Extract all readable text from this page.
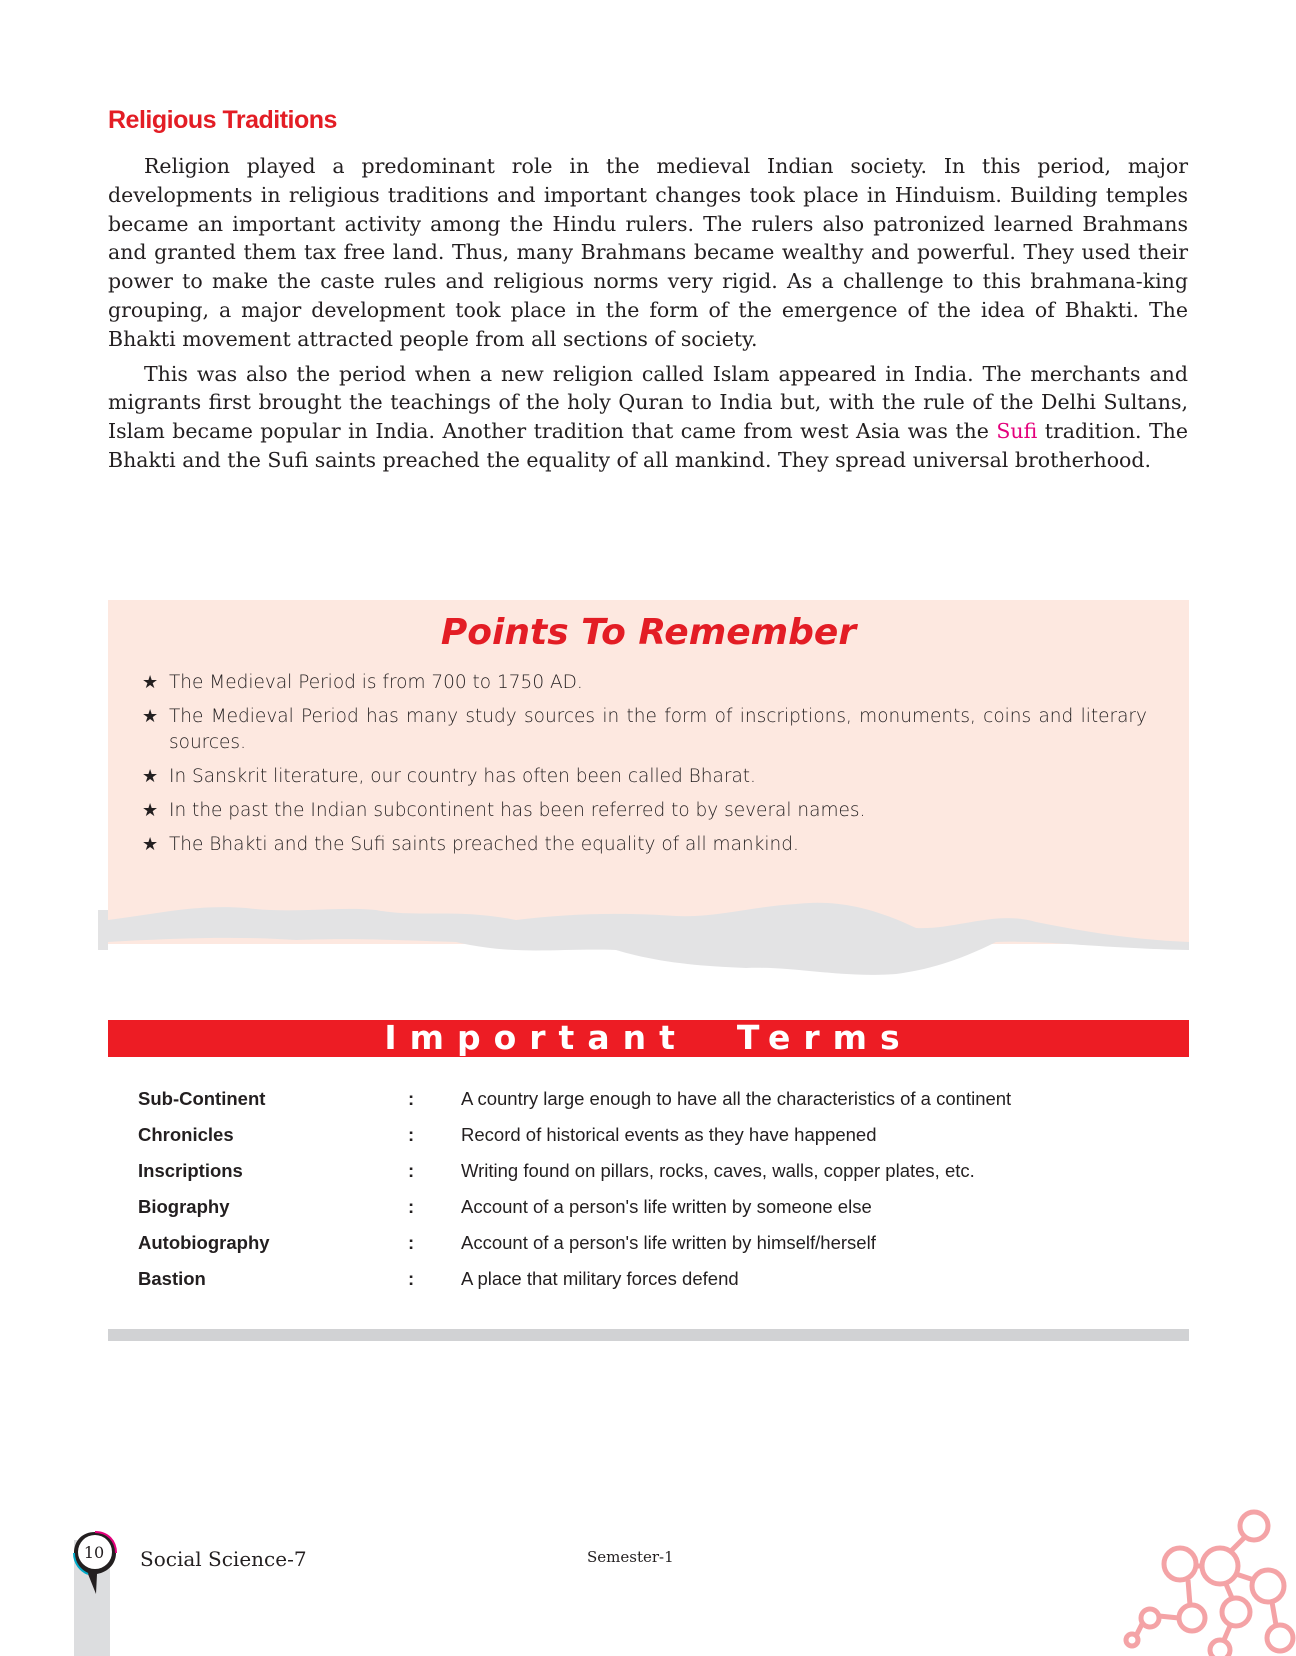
Religious Traditions

Religion played a predominant role in the medieval Indian society. In this period, major developments in religious traditions and important changes took place in Hinduism. Building temples became an important activity among the Hindu rulers. The rulers also patronized learned Brahmans and granted them tax free land. Thus, many Brahmans became wealthy and powerful. They used their power to make the caste rules and religious norms very rigid. As a challenge to this brahmana-king grouping, a major development took place in the form of the emergence of the idea of Bhakti. The Bhakti movement attracted people from all sections of society.

This was also the period when a new religion called Islam appeared in India. The merchants and migrants first brought the teachings of the holy Quran to India but, with the rule of the Delhi Sultans, Islam became popular in India. Another tradition that came from west Asia was the Sufi tradition. The Bhakti and the Sufi saints preached the equality of all mankind. They spread universal brotherhood.

Points To Remember
★ The Medieval Period is from 700 to 1750 AD.
★ The Medieval Period has many study sources in the form of inscriptions, monuments, coins and literary sources.
★ In Sanskrit literature, our country has often been called Bharat.
★ In the past the Indian subcontinent has been referred to by several names.
★ The Bhakti and the Sufi saints preached the equality of all mankind.
Important  Terms
Sub-Continent	:	A country large enough to have all the characteristics of a continent
Chronicles	:	Record of historical events as they have happened
Inscriptions	:	Writing found on pillars, rocks, caves, walls, copper plates, etc.
Biography	:	Account of a person's life written by someone else
Autobiography	:	Account of a person's life written by himself/herself
Bastion	:	A place that military forces defend
10	Social Science-7	Semester-1
